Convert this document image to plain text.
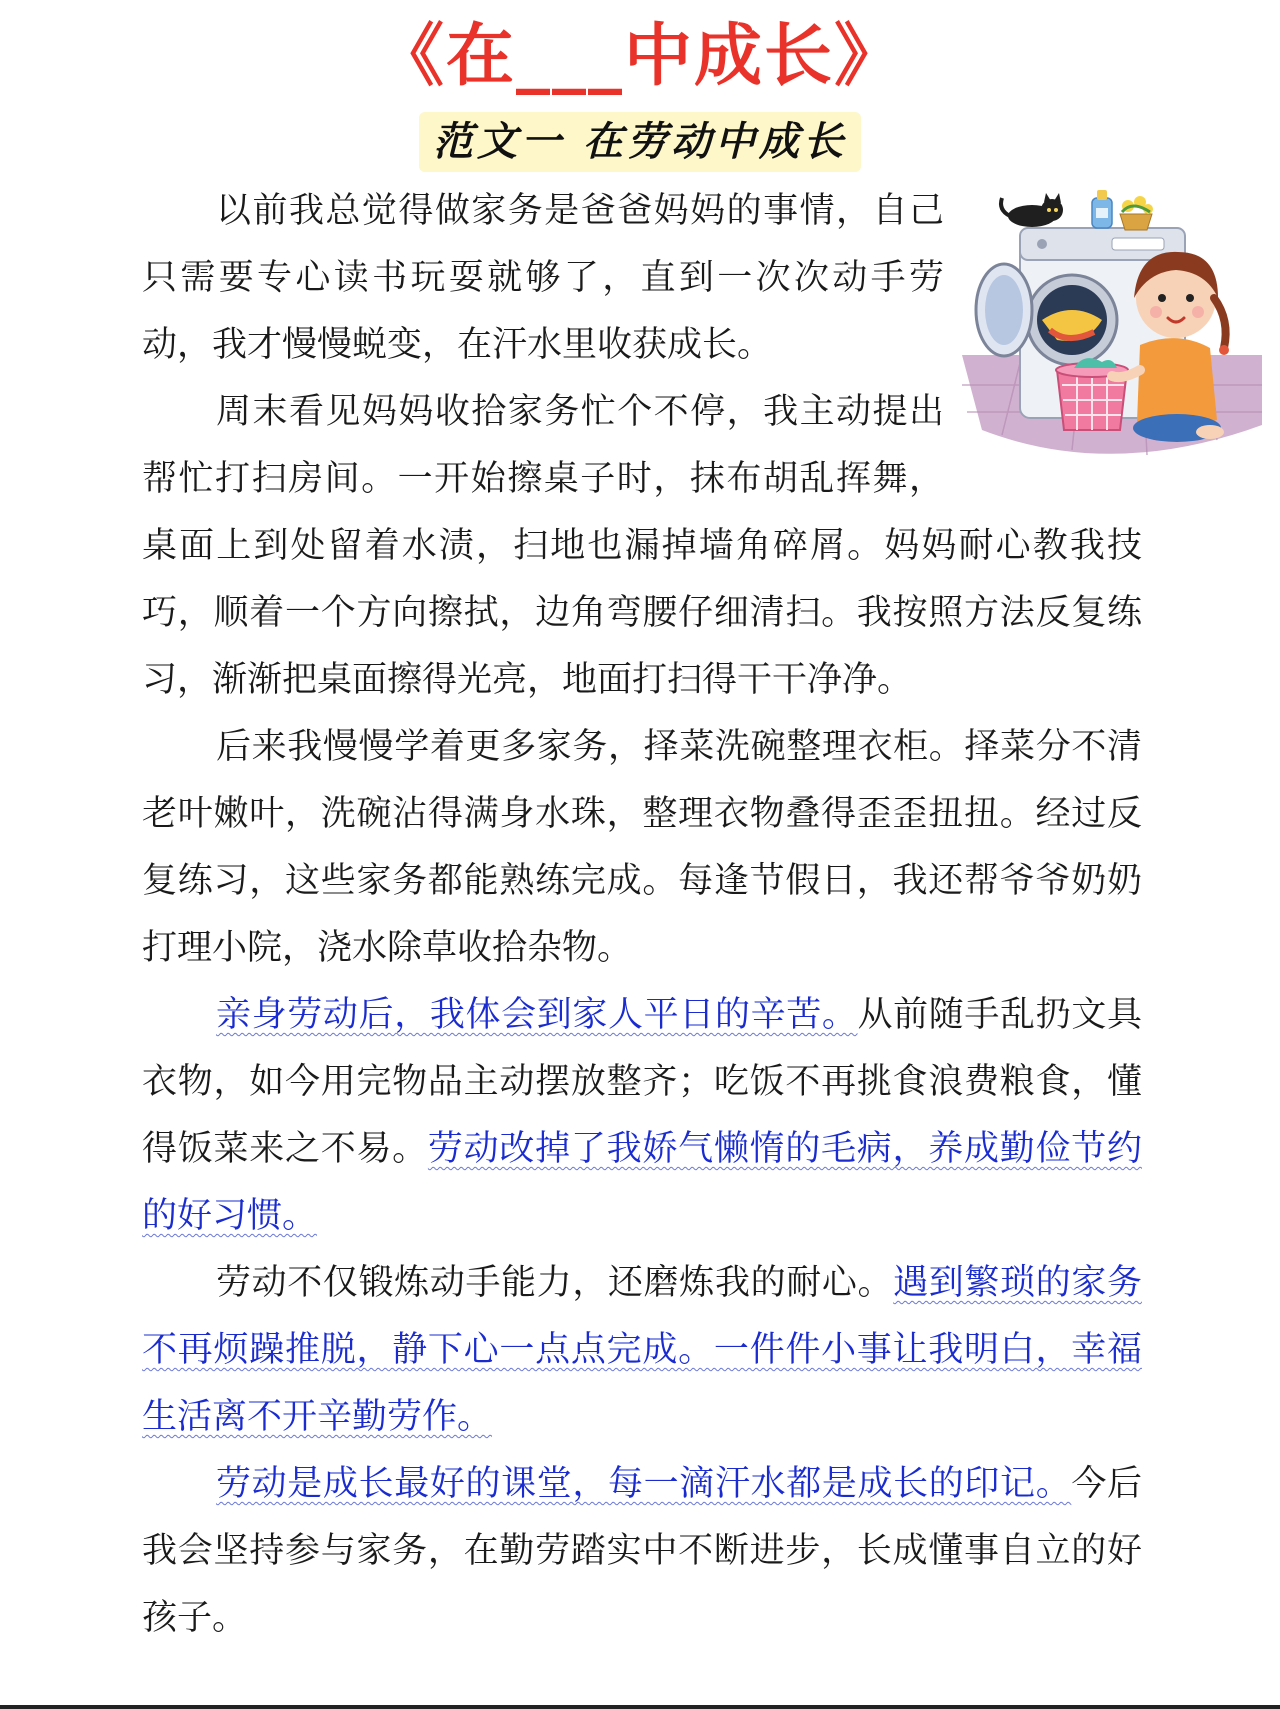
《在___中成长》
范文一 在劳动中成长

以前我总觉得做家务是爸爸妈妈的事情，自己只需要专心读书玩耍就够了，直到一次次动手劳动，我才慢慢蜕变，在汗水里收获成长。

周末看见妈妈收拾家务忙个不停，我主动提出帮忙打扫房间。一开始擦桌子时，抹布胡乱挥舞，桌面上到处留着水渍，扫地也漏掉墙角碎屑。妈妈耐心教我技巧，顺着一个方向擦拭，边角弯腰仔细清扫。我按照方法反复练习，渐渐把桌面擦得光亮，地面打扫得干干净净。

后来我慢慢学着更多家务，择菜洗碗整理衣柜。择菜分不清老叶嫩叶，洗碗沾得满身水珠，整理衣物叠得歪歪扭扭。经过反复练习，这些家务都能熟练完成。每逢节假日，我还帮爷爷奶奶打理小院，浇水除草收拾杂物。

亲身劳动后，我体会到家人平日的辛苦。从前随手乱扔文具衣物，如今用完物品主动摆放整齐；吃饭不再挑食浪费粮食，懂得饭菜来之不易。劳动改掉了我娇气懒惰的毛病，养成勤俭节约的好习惯。

劳动不仅锻炼动手能力，还磨炼我的耐心。遇到繁琐的家务不再烦躁推脱，静下心一点点完成。一件件小事让我明白，幸福生活离不开辛勤劳作。

劳动是成长最好的课堂，每一滴汗水都是成长的印记。今后我会坚持参与家务，在勤劳踏实中不断进步，长成懂事自立的好孩子。
